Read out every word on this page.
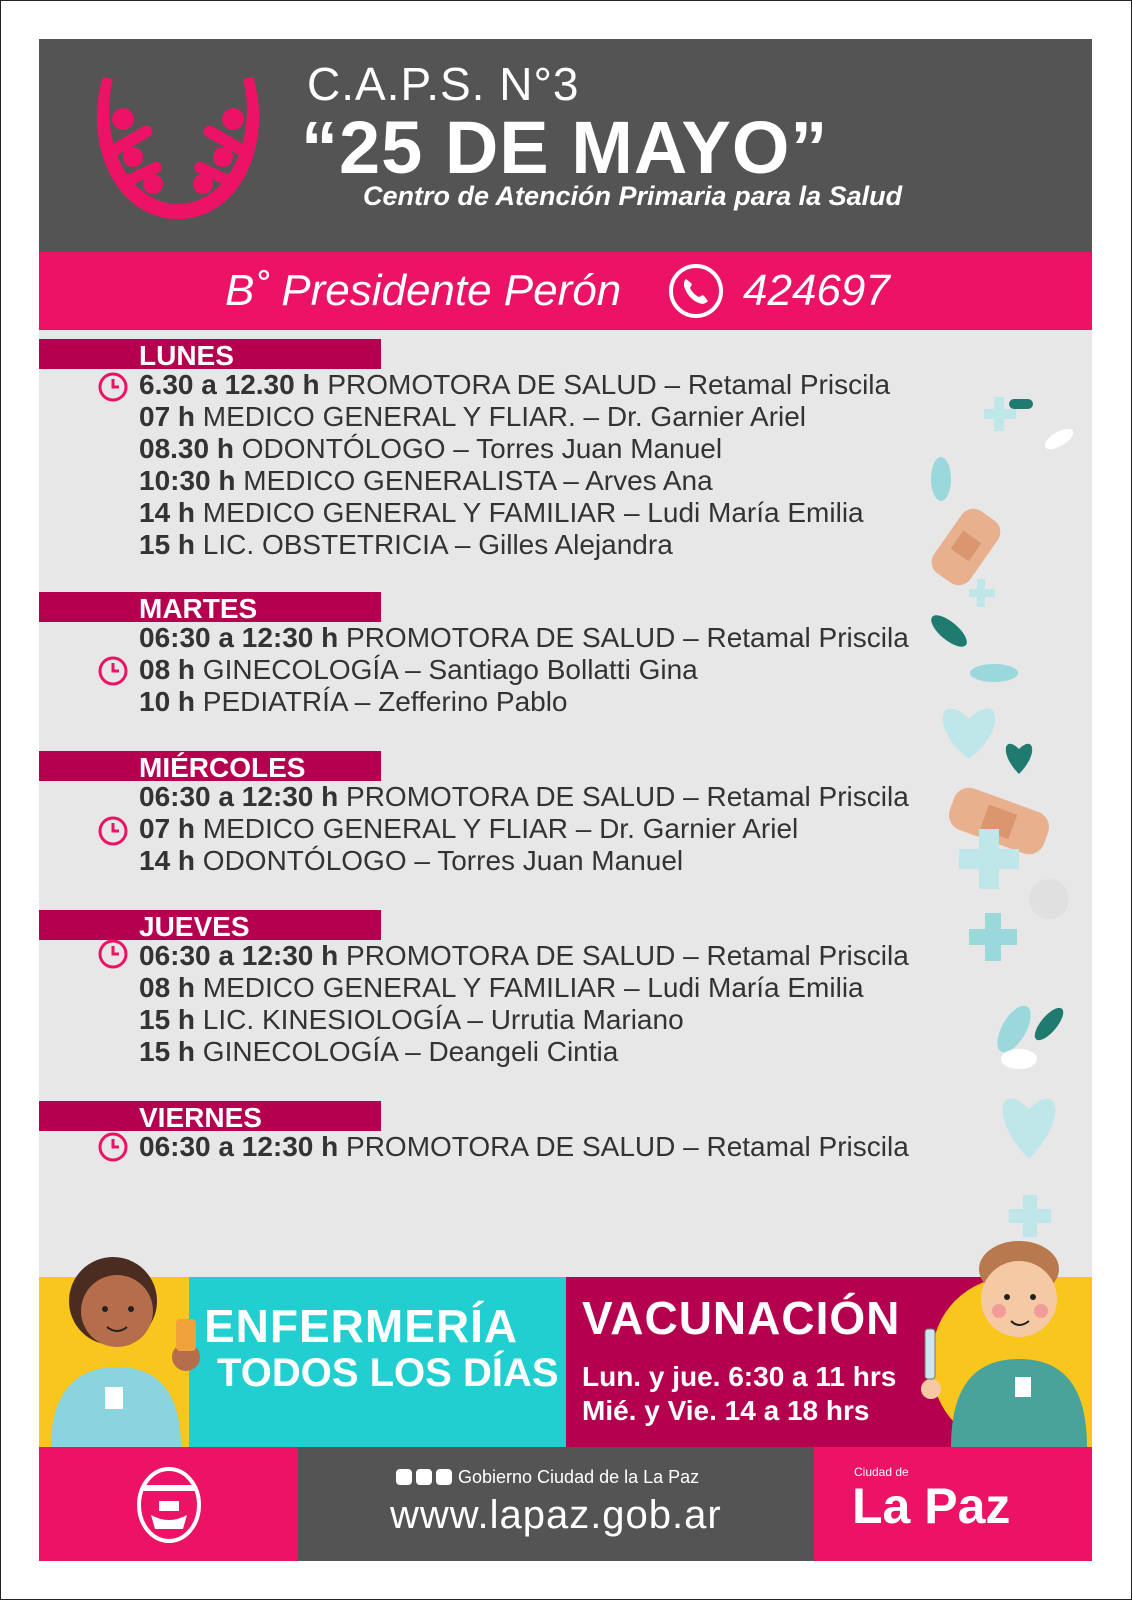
C.A.P.S. N°3
“25 DE MAYO”
Centro de Atención Primaria para la Salud
B˚ Presidente Perón	424697
LUNES
6.30 a 12.30 h PROMOTORA DE SALUD – Retamal Priscila
07 h MEDICO GENERAL Y FLIAR. – Dr. Garnier Ariel
08.30 h ODONTÓLOGO – Torres Juan Manuel
10:30 h MEDICO GENERALISTA – Arves Ana
14 h MEDICO GENERAL Y FAMILIAR – Ludi María Emilia
15 h LIC. OBSTETRICIA – Gilles Alejandra
MARTES
06:30 a 12:30 h PROMOTORA DE SALUD – Retamal Priscila
08 h GINECOLOGÍA – Santiago Bollatti Gina
10 h PEDIATRÍA – Zefferino Pablo
MIÉRCOLES
06:30 a 12:30 h PROMOTORA DE SALUD – Retamal Priscila
07 h MEDICO GENERAL Y FLIAR – Dr. Garnier Ariel
14 h ODONTÓLOGO – Torres Juan Manuel
JUEVES
06:30 a 12:30 h PROMOTORA DE SALUD – Retamal Priscila
08 h MEDICO GENERAL Y FAMILIAR – Ludi María Emilia
15 h LIC. KINESIOLOGÍA – Urrutia Mariano
15 h GINECOLOGÍA – Deangeli Cintia
VIERNES
06:30 a 12:30 h PROMOTORA DE SALUD – Retamal Priscila
ENFERMERÍA
TODOS LOS DÍAS
VACUNACIÓN
Lun. y jue. 6:30 a 11 hrs
Mié. y Vie. 14 a 18 hrs
Gobierno Ciudad de la La Paz
www.lapaz.gob.ar
Ciudad de
La Paz
